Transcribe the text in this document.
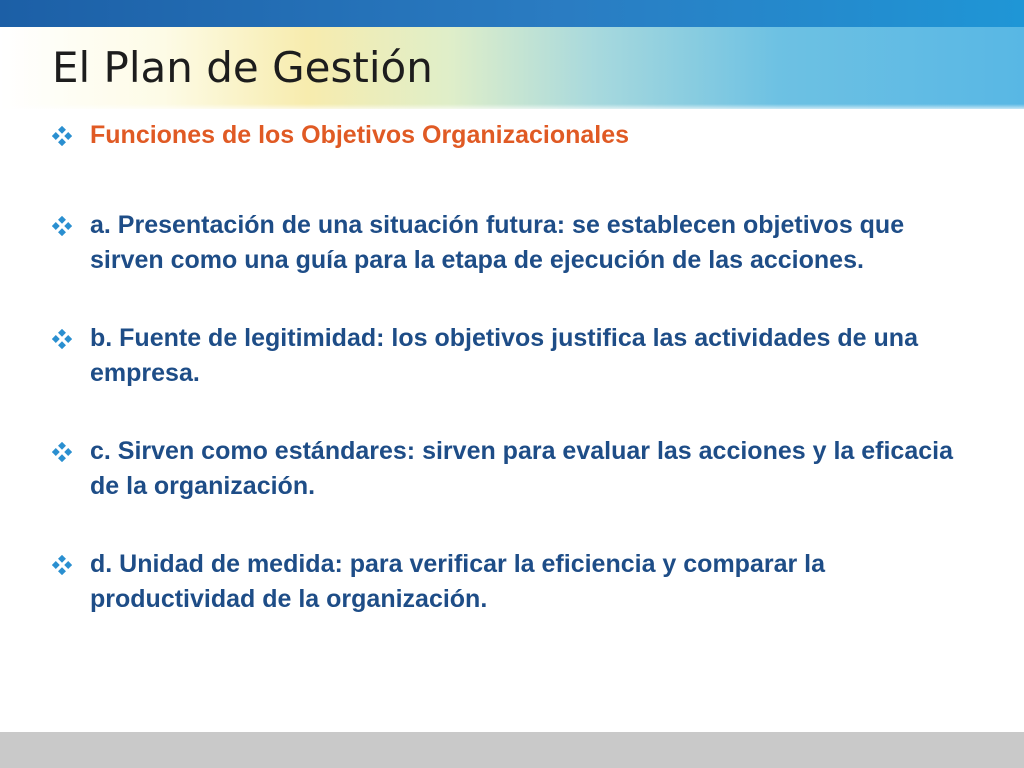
El Plan de Gestión
Funciones de los Objetivos Organizacionales
a. Presentación de una situación futura: se establecen objetivos que sirven como una guía para la etapa de ejecución de las acciones.
b. Fuente de legitimidad: los objetivos justifica las actividades de una empresa.
c. Sirven como estándares: sirven para evaluar las acciones y la eficacia de la organización.
d. Unidad de medida: para verificar la eficiencia y comparar la productividad de la organización.
